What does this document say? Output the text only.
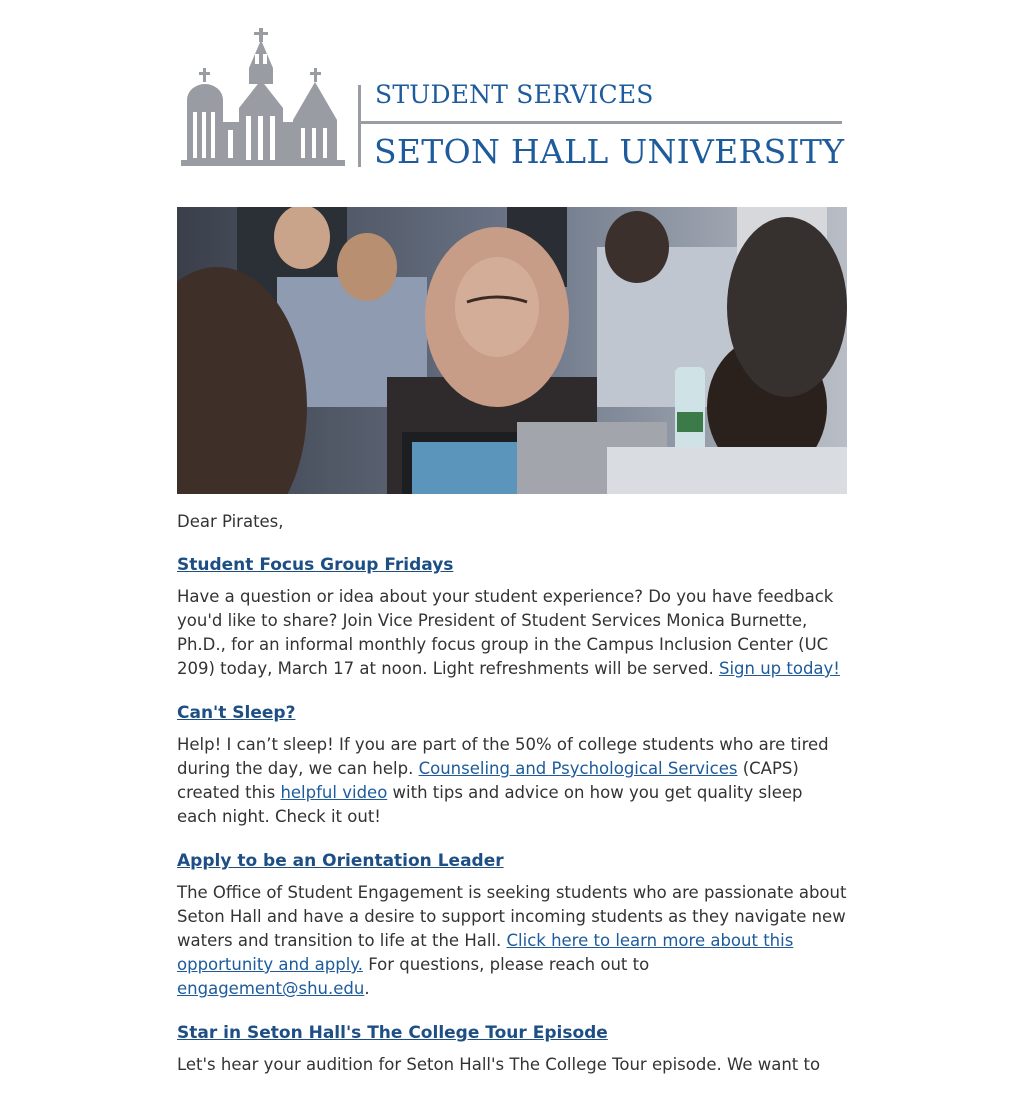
STUDENT SERVICES
SETON HALL UNIVERSITY

Dear Pirates,

Student Focus Group Fridays

Have a question or idea about your student experience? Do you have feedback you'd like to share? Join Vice President of Student Services Monica Burnette, Ph.D., for an informal monthly focus group in the Campus Inclusion Center (UC 209) today, March 17 at noon. Light refreshments will be served. Sign up today!

Can't Sleep?

Help! I can’t sleep! If you are part of the 50% of college students who are tired during the day, we can help. Counseling and Psychological Services (CAPS) created this helpful video with tips and advice on how you get quality sleep each night. Check it out!

Apply to be an Orientation Leader

The Office of Student Engagement is seeking students who are passionate about Seton Hall and have a desire to support incoming students as they navigate new waters and transition to life at the Hall. Click here to learn more about this opportunity and apply. For questions, please reach out to engagement@shu.edu.

Star in Seton Hall's The College Tour Episode

Let's hear your audition for Seton Hall's The College Tour episode. We want to
